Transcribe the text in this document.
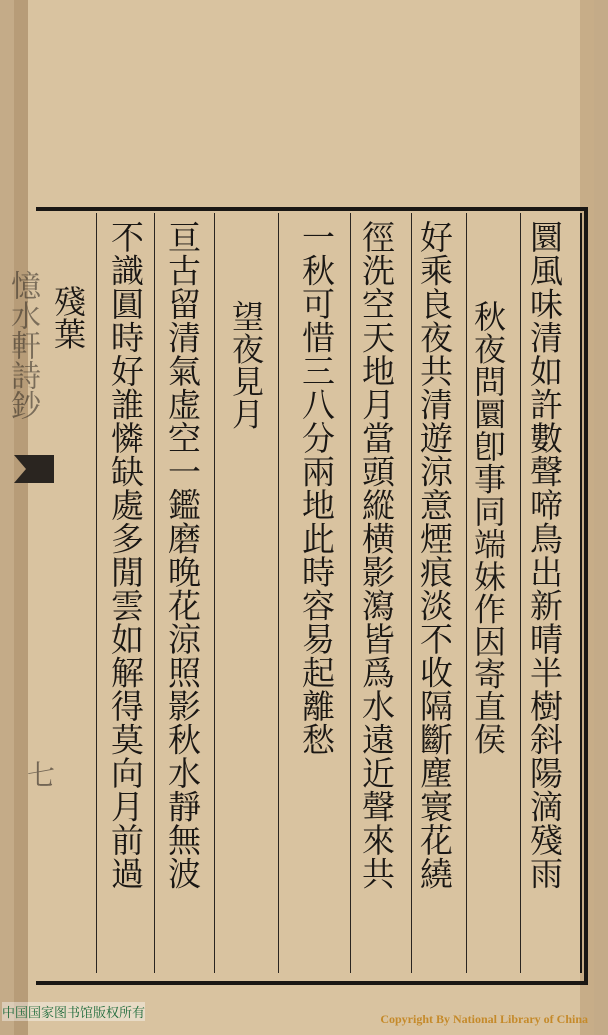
憶水軒詩鈔
七	圜風味清如許數聲啼鳥出新晴半樹斜陽滴殘雨
秋夜問圜卽事同端妹作因寄直侯
好乘良夜共清遊涼意煙痕淡不收隔斷塵寰花繞
徑洗空天地月當頭縱横影瀉皆爲水遠近聲來共
一秋可惜三八分兩地此時容易起離愁
望夜見月
亘古留清氣虚空一鑑磨晚花涼照影秋水靜無波
不識圓時好誰憐缺處多閒雲如解得莫向月前過
殘葉
中国国家图书馆版权所有	Copyright By National Library of China
